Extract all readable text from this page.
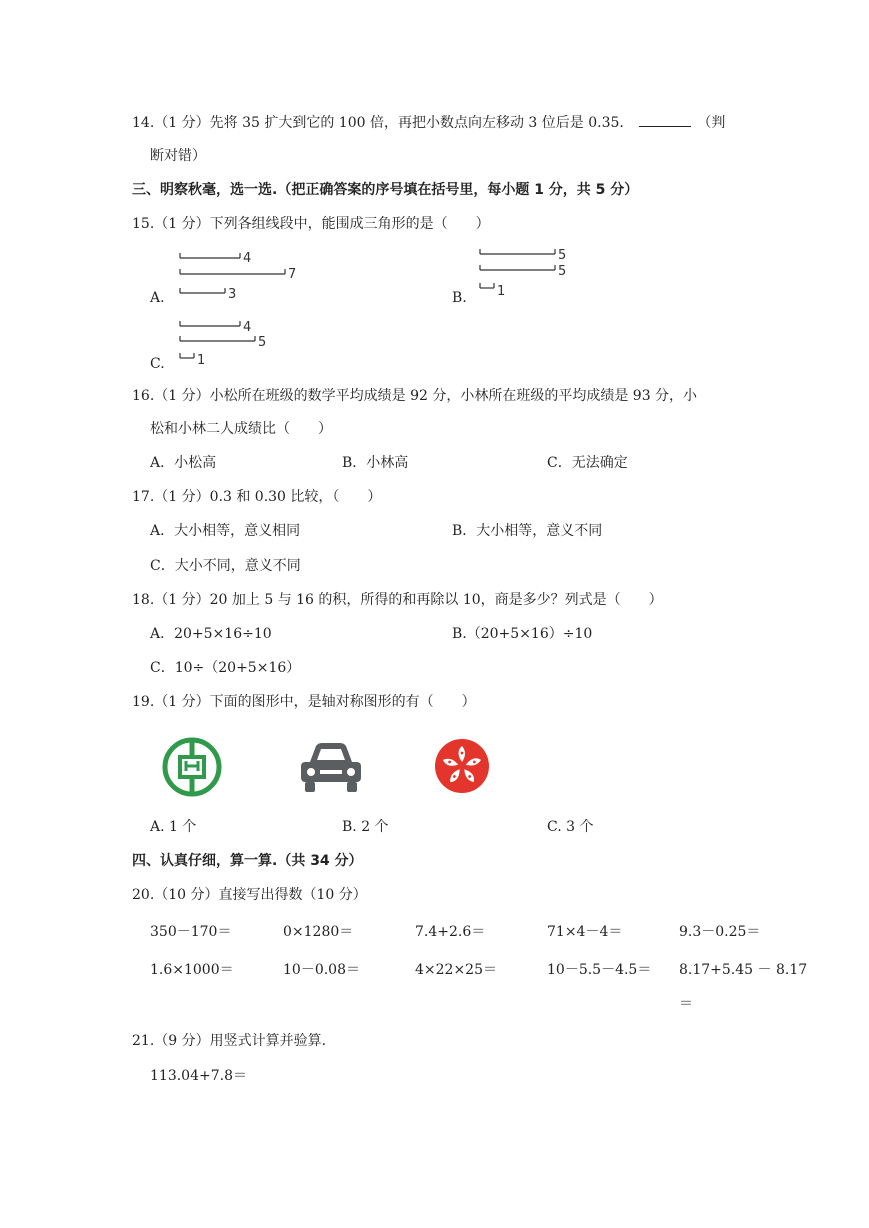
14.（1 分）先将 35 扩大到它的 100 倍，再把小数点向左移动 3 位后是 0.35．	（判
断对错）
三、明察秋毫，选一选.（把正确答案的序号填在括号里，每小题 1 分，共 5 分）
15.（1 分）下列各组线段中，能围成三角形的是（　　）
A.
4
7
3	B.
5
5
1
C.
4
5
1
16.（1 分）小松所在班级的数学平均成绩是 92 分，小林所在班级的平均成绩是 93 分，小
松和小林二人成绩比（　　）
A．小松高	B．小林高	C．无法确定
17.（1 分）0.3 和 0.30 比较，（　　）
A．大小相等，意义相同	B．大小相等，意义不同
C．大小不同，意义不同
18.（1 分）20 加上 5 与 16 的积，所得的和再除以 10，商是多少？列式是（　　）
A．20+5×16÷10	B.（20+5×16）÷10
C．10÷（20+5×16）
19.（1 分）下面的图形中，是轴对称图形的有（　　）
A. 1 个	B. 2 个	C. 3 个
四、认真仔细，算一算.（共 34 分）
20.（10 分）直接写出得数（10 分）
350－170＝	0×1280＝	7.4+2.6＝	71×4－4＝	9.3－0.25＝
1.6×1000＝	10－0.08＝	4×22×25＝	10－5.5－4.5＝ 8.17+5.45 － 8.17
＝
21.（9 分）用竖式计算并验算.
113.04+7.8＝
